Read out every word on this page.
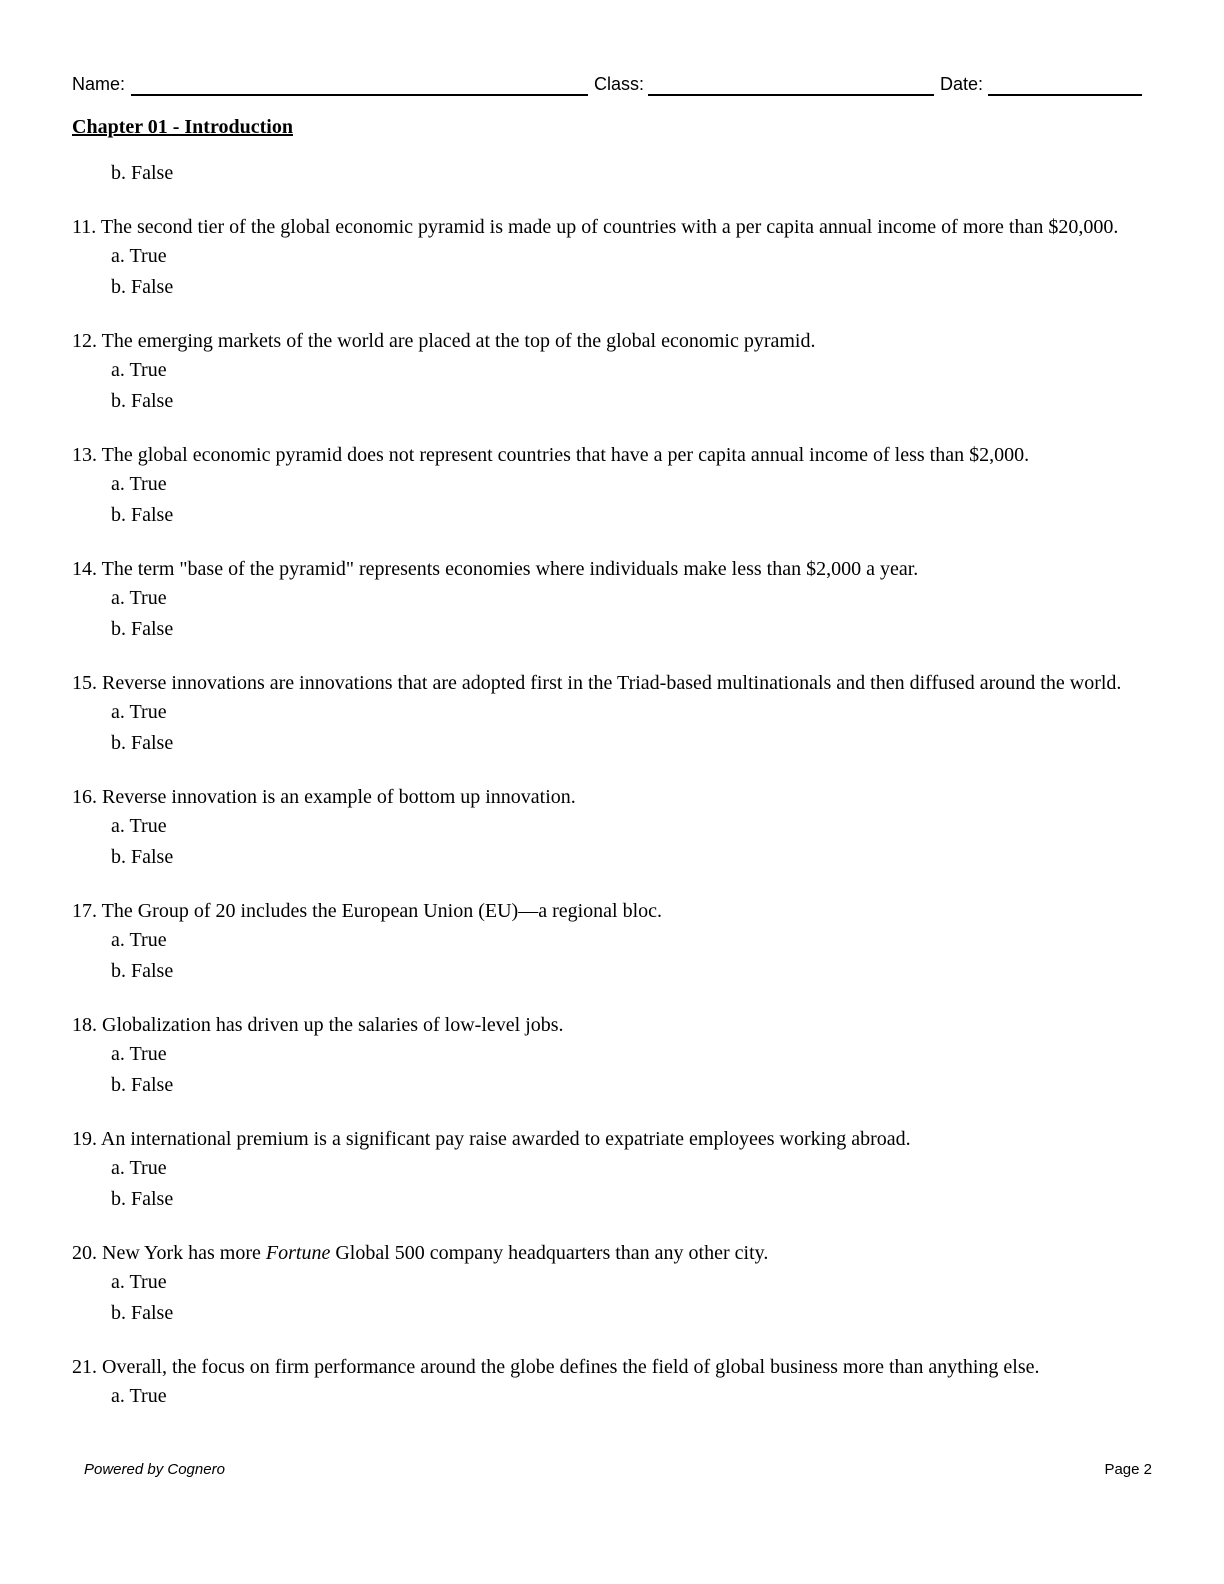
Name:	Class:	Date:
Chapter 01 - Introduction
b. False
11. The second tier of the global economic pyramid is made up of countries with a per capita annual income of more than $20,000.
a. True
b. False
12. The emerging markets of the world are placed at the top of the global economic pyramid.
a. True
b. False
13. The global economic pyramid does not represent countries that have a per capita annual income of less than $2,000.
a. True
b. False
14. The term "base of the pyramid" represents economies where individuals make less than $2,000 a year.
a. True
b. False
15. Reverse innovations are innovations that are adopted first in the Triad-based multinationals and then diffused around the world.
a. True
b. False
16. Reverse innovation is an example of bottom up innovation.
a. True
b. False
17. The Group of 20 includes the European Union (EU)—a regional bloc.
a. True
b. False
18. Globalization has driven up the salaries of low-level jobs.
a. True
b. False
19. An international premium is a significant pay raise awarded to expatriate employees working abroad.
a. True
b. False
20. New York has more Fortune Global 500 company headquarters than any other city.
a. True
b. False
21. Overall, the focus on firm performance around the globe defines the field of global business more than anything else.
a. True
Powered by Cognero	Page 2
